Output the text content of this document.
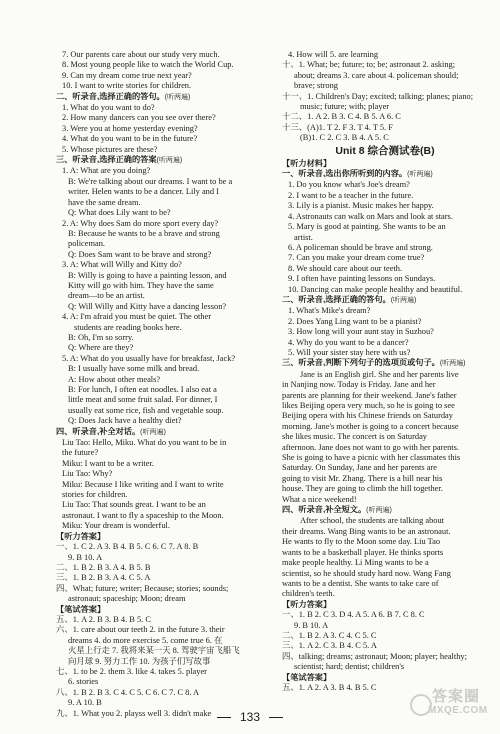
7. Our parents care about our study very much.
8. Most young people like to watch the World Cup.
9. Can my dream come true next year?
10. I want to write stories for children.
二、听录音,选择正确的答句。(听两遍)
1. What do you want to do?
2. How many dancers can you see over there?
3. Were you at home yesterday evening?
4. What do you want to be in the future?
5. Whose pictures are these?
三、听录音,选择正确的答案(听两遍)
1. A: What are you doing?
B: We're talking about our dreams. I want to be a
writer. Helen wants to be a dancer. Lily and I
have the same dream.
Q: What does Lily want to be?
2. A: Why does Sam do more sport every day?
B: Because he wants to be a brave and strong
policeman.
Q: Does Sam want to be brave and strong?
3. A: What will Willy and Kitty do?
B: Willy is going to have a painting lesson, and
Kitty will go with him. They have the same
dream—to be an artist.
Q: Will Willy and Kitty have a dancing lesson?
4. A: I'm afraid you must be quiet. The other
students are reading books here.
B: Oh, I'm so sorry.
Q: Where are they?
5. A: What do you usually have for breakfast, Jack?
B: I usually have some milk and bread.
A: How about other meals?
B: For lunch, I often eat noodles. I also eat a
little meat and some fruit salad. For dinner, I
usually eat some rice, fish and vegetable soup.
Q: Does Jack have a healthy diet?
四、听录音,补全对话。(听两遍)
Liu Tao: Hello, Miku. What do you want to be in
the future?
Miku: I want to be a writer.
Liu Tao: Why?
Miku: Because I like writing and I want to write
stories for children.
Liu Tao: That sounds great. I want to be an
astronaut. I want to fly a spaceship to the Moon.
Miku: Your dream is wonderful.
【听力答案】
一、1. C 2. A 3. B 4. B 5. C 6. C 7. A 8. B
9. B 10. A
二、1. B 2. B 3. A 4. B 5. B
三、1. B 2. B 3. A 4. C 5. A
四、What; future; writer; Because; stories; sounds;
astronaut; spaceship; Moon; dream
【笔试答案】
五、1. A 2. B 3. B 4. B 5. C
六、1. care about our teeth 2. in the future 3. their
dreams 4. do more exercise 5. come true 6. 在
火星上行走 7. 我将来某一天 8. 驾驶宇宙飞船飞
向月球 9. 努力工作 10. 为孩子们写故事
七、1. to be 2. them 3. like 4. takes 5. player
6. stories
八、1. B 2. B 3. C 4. C 5. C 6. C 7. C 8. A
9. A 10. B
九、1. What you 2. playss well 3. didn't make
4. How will 5. are learning
十、1. What; be; future; to; be; astronaut 2. asking;
about; dreams 3. care about 4. policeman should;
brave; strong
十一、1. Children's Day; excited; talking; planes; piano;
music; future; with; player
十二、1. A 2. B 3. C 4. B 5. A 6. C
十三、(A)1. T 2. F 3. T 4. T 5. F
(B)1. C 2. C 3. B 4. A 5. C
Unit 8 综合测试卷(B)
【听力材料】
一、听录音,选出你所听到的内容。(听两遍)
1. Do you know what's Joe's dream?
2. I want to be a teacher in the future.
3. Lily is a pianist. Music makes her happy.
4. Astronauts can walk on Mars and look at stars.
5. Mary is good at painting. She wants to be an
artist.
6. A policeman should be brave and strong.
7. Can you make your dream come true?
8. We should care about our teeth.
9. I often have painting lessons on Sundays.
10. Dancing can make people healthy and beautiful.
二、听录音,选择正确的答句。(听两遍)
1. What's Mike's dream?
2. Does Yang Ling want to be a pianist?
3. How long will your aunt stay in Suzhou?
4. Why do you want to be a dancer?
5. Will your sister stay here with us?
三、听录音,判断下列句子的选项页或句子。(听两遍)
Jane is an English girl. She and her parents live
in Nanjing now. Today is Friday. Jane and her
parents are planning for their weekend. Jane's father
likes Beijing opera very much, so he is going to see
Beijing opera with his Chinese friends on Saturday
morning. Jane's mother is going to a concert because
she likes music. The concert is on Saturday
afternoon. Jane does not want to go with her parents.
She is going to have a picnic with her classmates this
Saturday. On Sunday, Jane and her parents are
going to visit Mr. Zhang. There is a hill near his
house. They are going to climb the hill together.
What a nice weekend!
四、听录音,补全短文。(听两遍)
After school, the students are talking about
their dreams. Wang Bing wants to be an astronaut.
He wants to fly to the Moon some day. Liu Tao
wants to be a basketball player. He thinks sports
make people healthy. Li Ming wants to be a
scientist, so he should study hard now. Wang Fang
wants to be a dentist. She wants to take care of
children's teeth.
【听力答案】
一、1. B 2. C 3. D 4. A 5. A 6. B 7. C 8. C
9. B 10. A
二、1. B 2. A 3. C 4. C 5. C
三、1. A 2. C 3. B 4. C 5. A
四、talking; dreams; astronaut; Moon; player; healthy;
scientist; hard; dentist; children's
【笔试答案】
五、1. A 2. A 3. B 4. B 5. C
133
答案圈
MXQE.COM
